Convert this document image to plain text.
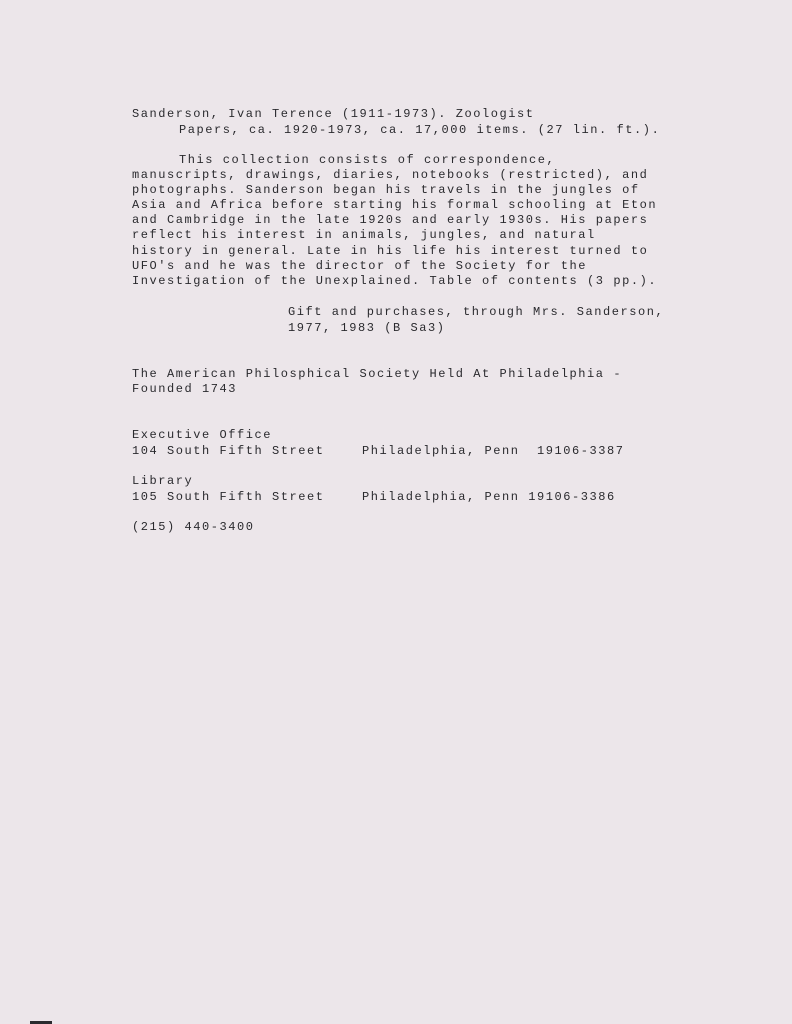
Sanderson, Ivan Terence (1911-1973). Zoologist
Papers, ca. 1920-1973, ca. 17,000 items. (27 lin. ft.).
This collection consists of correspondence,
manuscripts, drawings, diaries, notebooks (restricted), and
photographs. Sanderson began his travels in the jungles of
Asia and Africa before starting his formal schooling at Eton
and Cambridge in the late 1920s and early 1930s. His papers
reflect his interest in animals, jungles, and natural
history in general. Late in his life his interest turned to
UFO's and he was the director of the Society for the
Investigation of the Unexplained. Table of contents (3 pp.).
Gift and purchases, through Mrs. Sanderson,
1977, 1983 (B Sa3)
The American Philosphical Society Held At Philadelphia -
Founded 1743
Executive Office
104 South Fifth Street	Philadelphia, Penn  19106-3387
Library
105 South Fifth Street	Philadelphia, Penn 19106-3386
(215) 440-3400
